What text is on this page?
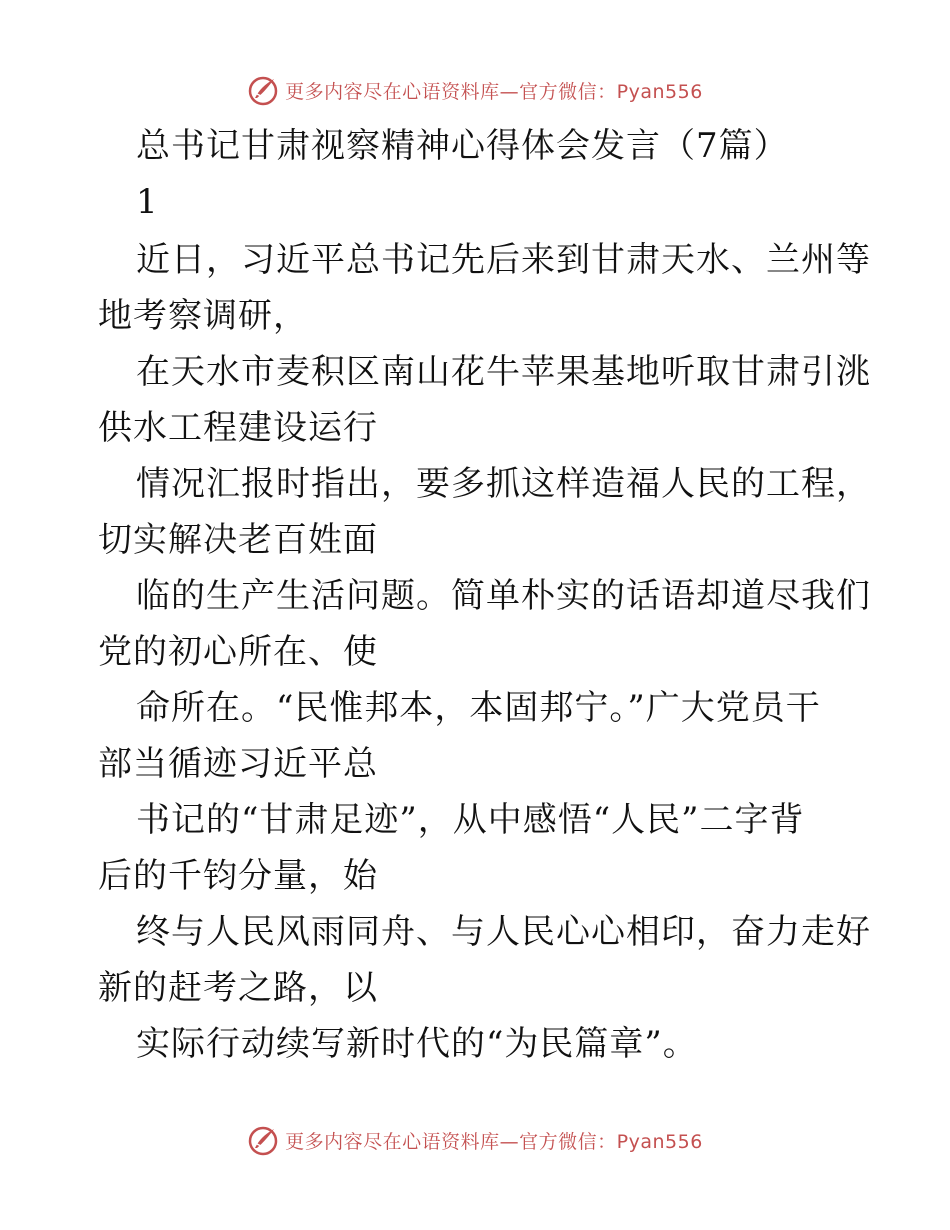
更多内容尽在心语资料库—官方微信：Pyan556
总书记甘肃视察精神心得体会发言（7篇）
1
近日，习近平总书记先后来到甘肃天水、兰州等
地考察调研，
在天水市麦积区南山花牛苹果基地听取甘肃引洮
供水工程建设运行
情况汇报时指出，要多抓这样造福人民的工程，
切实解决老百姓面
临的生产生活问题。简单朴实的话语却道尽我们
党的初心所在、使
命所在。“民惟邦本，本固邦宁。”广大党员干
部当循迹习近平总
书记的“甘肃足迹”，从中感悟“人民”二字背
后的千钧分量，始
终与人民风雨同舟、与人民心心相印，奋力走好
新的赶考之路，以
实际行动续写新时代的“为民篇章”。
更多内容尽在心语资料库—官方微信：Pyan556
